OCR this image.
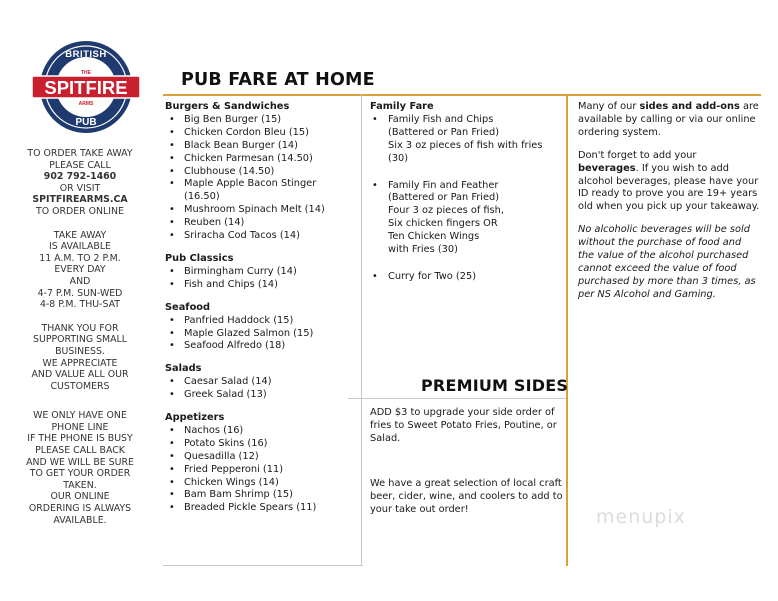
BRITISH
THE
SPITFIRE
ARMS
PUB
TO ORDER TAKE AWAY
PLEASE CALL
902 792-1460
OR VISIT
SPITFIREARMS.CA
TO ORDER ONLINE
TAKE AWAY
IS AVAILABLE
11 A.M. TO 2 P.M.
EVERY DAY
AND
4-7 P.M. SUN-WED
4-8 P.M. THU-SAT
THANK YOU FOR
SUPPORTING SMALL
BUSINESS.
WE APPRECIATE
AND VALUE ALL OUR
CUSTOMERS
WE ONLY HAVE ONE
PHONE LINE
IF THE PHONE IS BUSY
PLEASE CALL BACK
AND WE WILL BE SURE
TO GET YOUR ORDER
TAKEN.
OUR ONLINE
ORDERING IS ALWAYS
AVAILABLE.
PUB FARE AT HOME
Burgers & Sandwiches
• Big Ben Burger (15)
• Chicken Cordon Bleu (15)
• Black Bean Burger (14)
• Chicken Parmesan (14.50)
• Clubhouse (14.50)
• Maple Apple Bacon Stinger (16.50)
• Mushroom Spinach Melt (14)
• Reuben (14)
• Sriracha Cod Tacos (14)
Pub Classics
• Birmingham Curry (14)
• Fish and Chips (14)
Seafood
• Panfried Haddock (15)
• Maple Glazed Salmon (15)
• Seafood Alfredo (18)
Salads
• Caesar Salad (14)
• Greek Salad (13)
Appetizers
• Nachos (16)
• Potato Skins (16)
• Quesadilla (12)
• Fried Pepperoni (11)
• Chicken Wings (14)
• Bam Bam Shrimp (15)
• Breaded Pickle Spears (11)
Family Fare
• Family Fish and Chips
(Battered or Pan Fried)
Six 3 oz pieces of fish with fries
(30)
• Family Fin and Feather
(Battered or Pan Fried)
Four 3 oz pieces of fish,
Six chicken fingers OR
Ten Chicken Wings
with Fries (30)
• Curry for Two (25)

Many of our sides and add-ons are available by calling or via our online ordering system.

Don't forget to add your beverages. If you wish to add alcohol beverages, please have your ID ready to prove you are 19+ years old when you pick up your takeaway.

No alcoholic beverages will be sold without the purchase of food and the value of the alcohol purchased cannot exceed the value of food purchased by more than 3 times, as per NS Alcohol and Gaming.

PREMIUM SIDES

ADD $3 to upgrade your side order of fries to Sweet Potato Fries, Poutine, or Salad.

We have a great selection of local craft beer, cider, wine, and coolers to add to your take out order!	menupix
